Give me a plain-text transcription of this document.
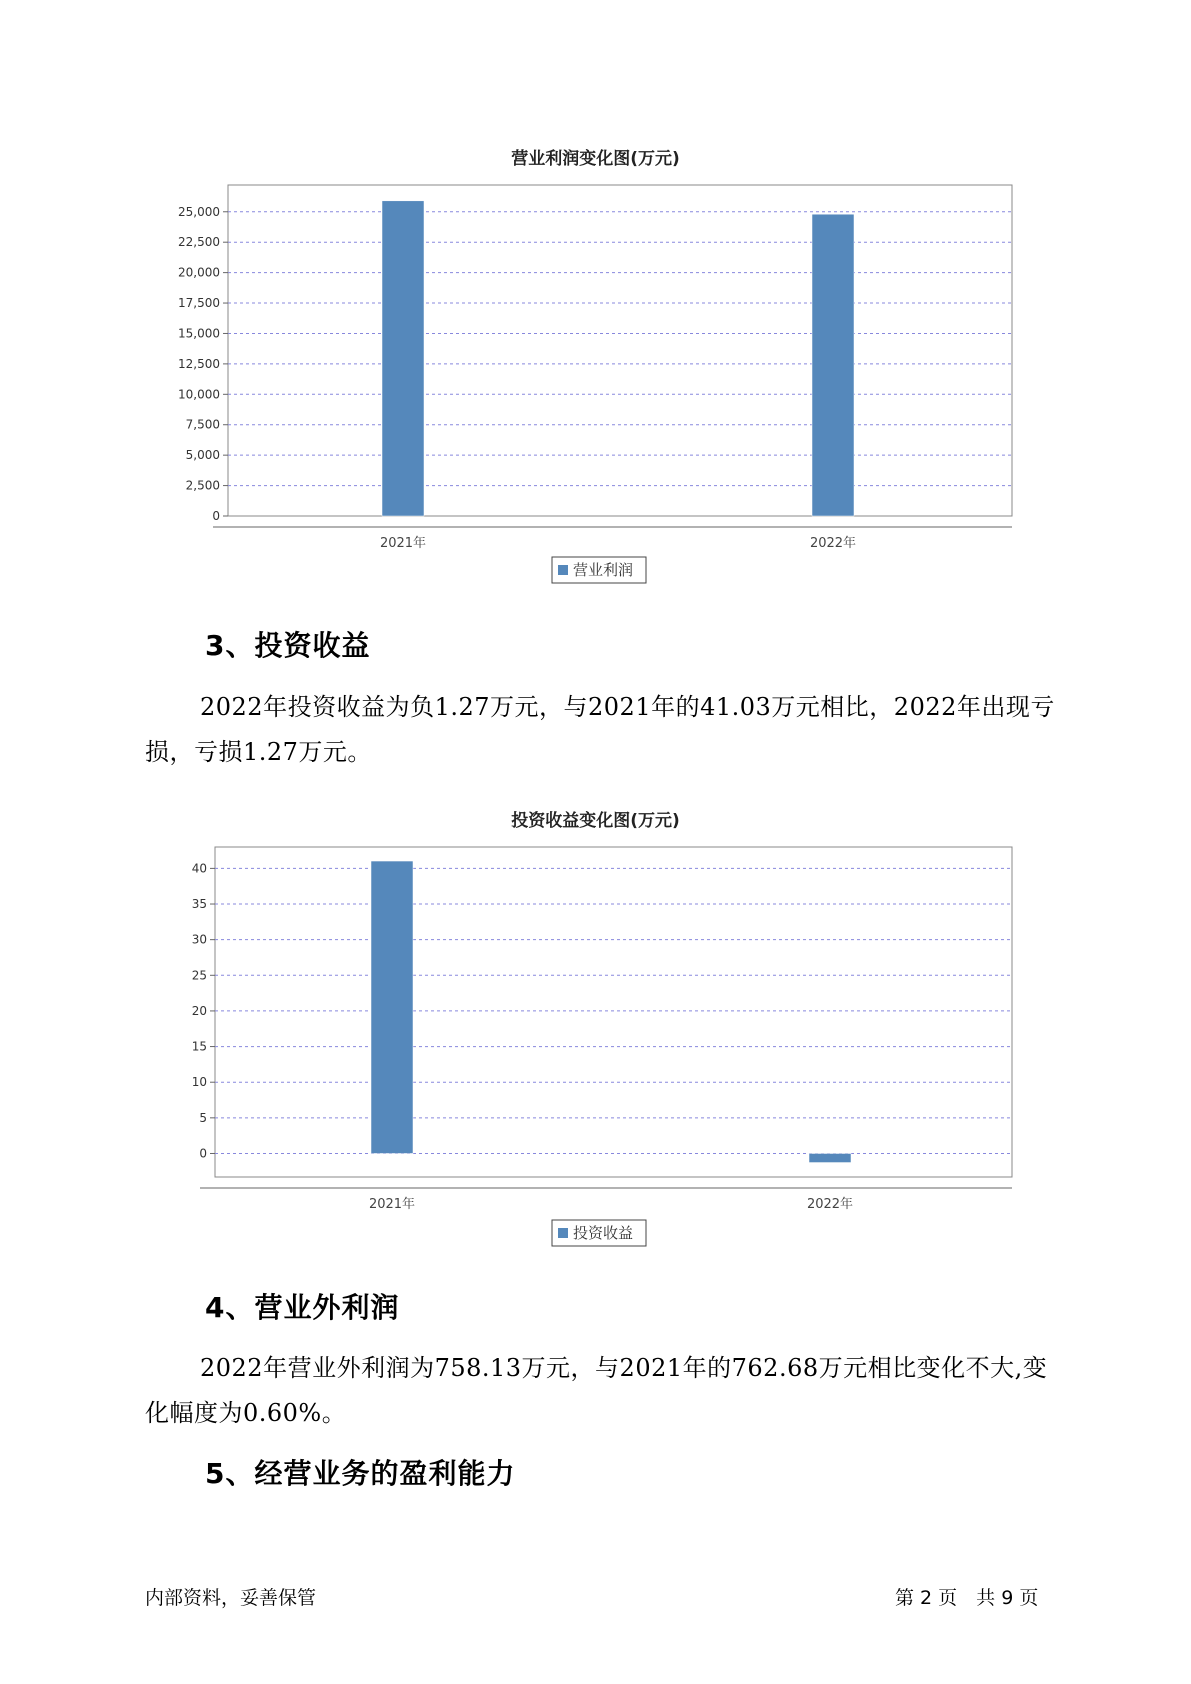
营业利润变化图(万元)
0
2,500
5,000
7,500
10,000
12,500
15,000
17,500
20,000
22,500
25,000
2021年	2022年
营业利润
3、投资收益
2022年投资收益为负1.27万元，与2021年的41.03万元相比，2022年出现亏损，亏损1.27万元。
投资收益变化图(万元)
0
5
10
15
20
25
30
35
40
2021年	2022年
投资收益
4、营业外利润
2022年营业外利润为758.13万元，与2021年的762.68万元相比变化不大,变化幅度为0.60%。
5、经营业务的盈利能力
内部资料，妥善保管	第 2 页　共 9 页
